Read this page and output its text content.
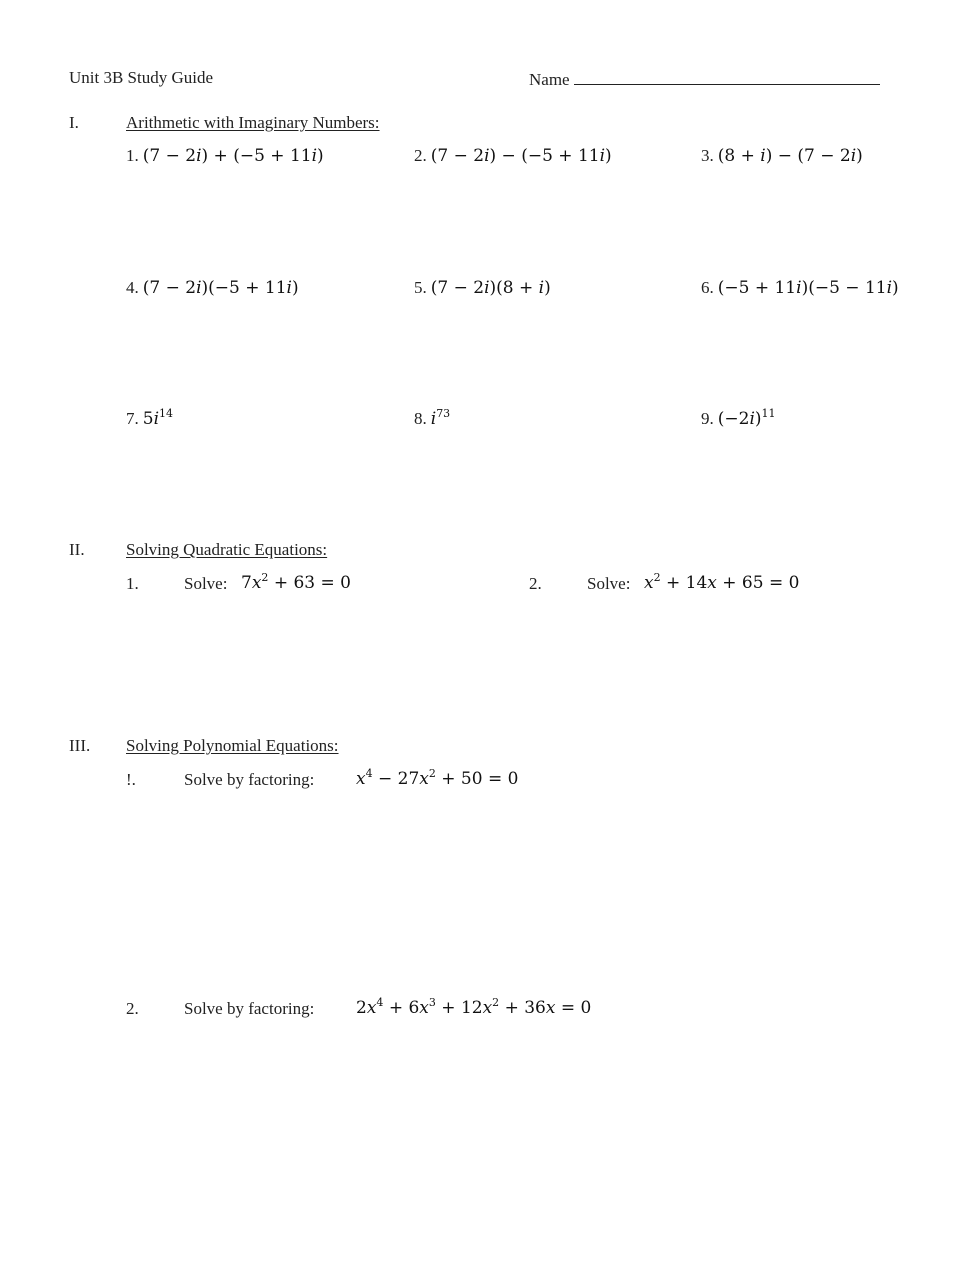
Unit 3B Study Guide	Name
I.	Arithmetic with Imaginary Numbers:
1. (7 − 2i) + (−5 + 11i)	2. (7 − 2i) − (−5 + 11i)	3. (8 + i) − (7 − 2i)
4. (7 − 2i)(−5 + 11i)	5. (7 − 2i)(8 + i)	6. (−5 + 11i)(−5 − 11i)
7. $5i^{14}$	8. $i^{73}$	9. $(-2i)^{11}$
II. Solving Quadratic Equations:
1.	Solve: $7x^2 + 63 = 0$	2.	Solve: $x^2 + 14x + 65 = 0$
III. Solving Polynomial Equations:
!.	Solve by factoring: $x^4 - 27x^2 + 50 = 0$
2.	Solve by factoring: $2x^4 + 6x^3 + 12x^2 + 36x = 0$
